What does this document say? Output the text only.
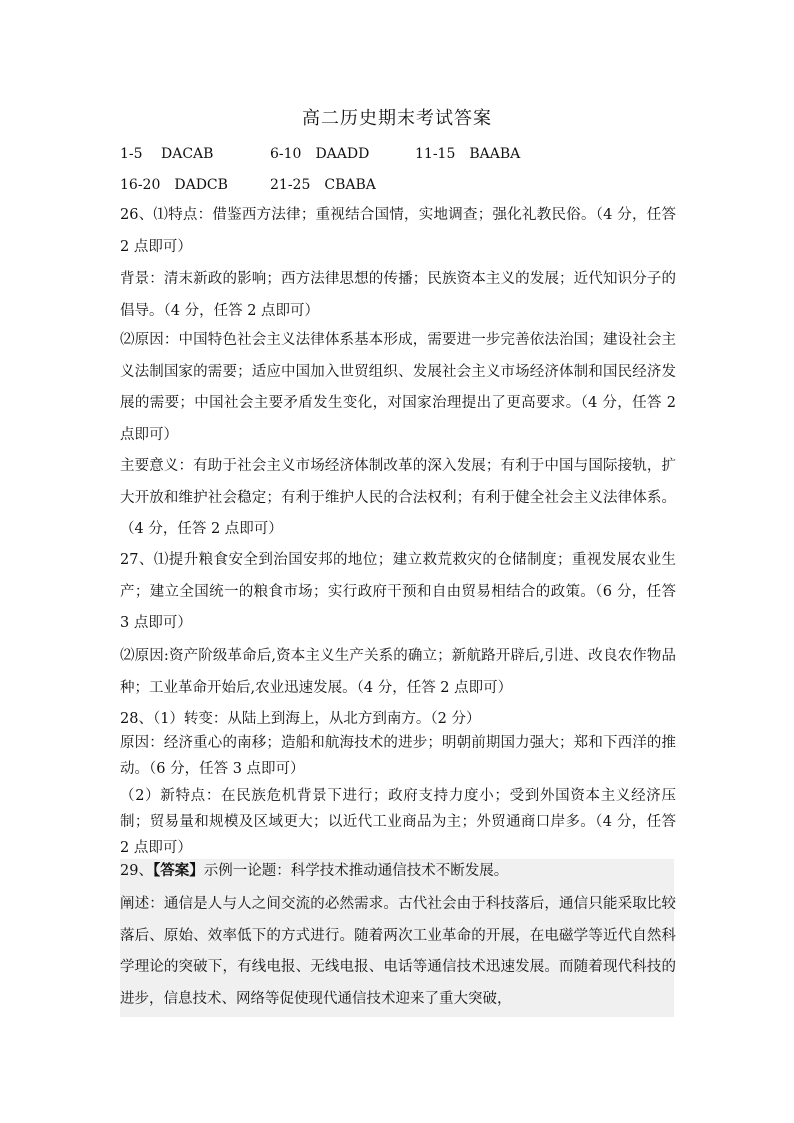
高二历史期末考试答案
1-5　 DACAB	6-10　DAADD	11-15　BAABA
16-20　DADCB	21-25　CBABA
26、⑴特点：借鉴西方法律；重视结合国情，实地调查；强化礼教民俗。（4 分，任答 2 点即可）
背景：清末新政的影响；西方法律思想的传播；民族资本主义的发展；近代知识分子的倡导。（4 分，任答 2 点即可）
⑵原因：中国特色社会主义法律体系基本形成，需要进一步完善依法治国；建设社会主义法制国家的需要；适应中国加入世贸组织、发展社会主义市场经济体制和国民经济发展的需要；中国社会主要矛盾发生变化，对国家治理提出了更高要求。（4 分，任答 2 点即可）
主要意义：有助于社会主义市场经济体制改革的深入发展；有利于中国与国际接轨，扩大开放和维护社会稳定；有利于维护人民的合法权利；有利于健全社会主义法律体系。（4 分，任答 2 点即可）
27、⑴提升粮食安全到治国安邦的地位；建立救荒救灾的仓储制度；重视发展农业生产；建立全国统一的粮食市场；实行政府干预和自由贸易相结合的政策。（6 分，任答 3 点即可）
⑵原因:资产阶级革命后,资本主义生产关系的确立；新航路开辟后,引进、改良农作物品种；工业革命开始后,农业迅速发展。（4 分，任答 2 点即可）
28、（1）转变：从陆上到海上，从北方到南方。（2 分）
原因：经济重心的南移；造船和航海技术的进步；明朝前期国力强大；郑和下西洋的推动。（6 分，任答 3 点即可）
（2）新特点：在民族危机背景下进行；政府支持力度小；受到外国资本主义经济压制；贸易量和规模及区域更大；以近代工业商品为主；外贸通商口岸多。（4 分，任答 2 点即可）
29、【答案】示例一论题：科学技术推动通信技术不断发展。
阐述：通信是人与人之间交流的必然需求。古代社会由于科技落后，通信只能采取比较落后、原始、效率低下的方式进行。随着两次工业革命的开展，在电磁学等近代自然科学理论的突破下，有线电报、无线电报、电话等通信技术迅速发展。而随着现代科技的进步，信息技术、网络等促使现代通信技术迎来了重大突破，
